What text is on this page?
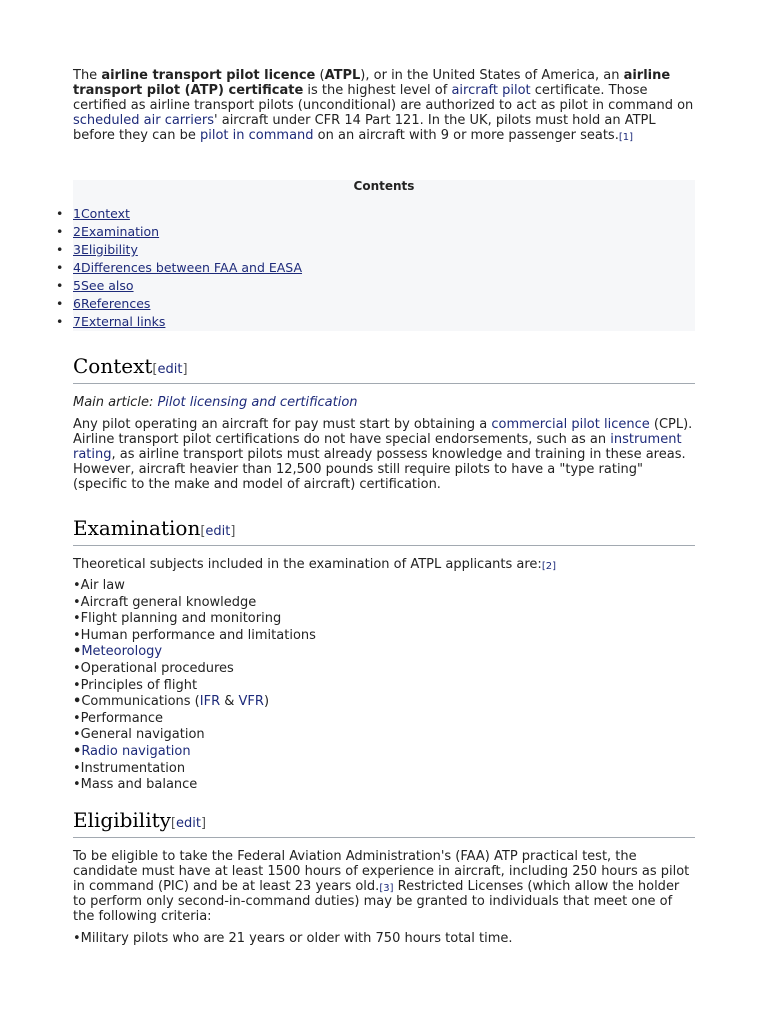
The airline transport pilot licence (ATPL), or in the United States of America, an airline transport pilot (ATP) certificate is the highest level of aircraft pilot certificate. Those certified as airline transport pilots (unconditional) are authorized to act as pilot in command on scheduled air carriers' aircraft under CFR 14 Part 121. In the UK, pilots must hold an ATPL before they can be pilot in command on an aircraft with 9 or more passenger seats.[1]

Contents
• 1Context
• 2Examination
• 3Eligibility
• 4Differences between FAA and EASA
• 5See also
• 6References
• 7External links
Context[edit]
Main article: Pilot licensing and certification

Any pilot operating an aircraft for pay must start by obtaining a commercial pilot licence (CPL). Airline transport pilot certifications do not have special endorsements, such as an instrument rating, as airline transport pilots must already possess knowledge and training in these areas. However, aircraft heavier than 12,500 pounds still require pilots to have a "type rating" (specific to the make and model of aircraft) certification.

Examination[edit]

Theoretical subjects included in the examination of ATPL applicants are:[2]

•Air law
•Aircraft general knowledge
•Flight planning and monitoring
•Human performance and limitations
•Meteorology
•Operational procedures
•Principles of flight
•Communications (IFR & VFR)
•Performance
•General navigation
•Radio navigation
•Instrumentation
•Mass and balance
Eligibility[edit]

To be eligible to take the Federal Aviation Administration's (FAA) ATP practical test, the candidate must have at least 1500 hours of experience in aircraft, including 250 hours as pilot in command (PIC) and be at least 23 years old.[3] Restricted Licenses (which allow the holder to perform only second-in-command duties) may be granted to individuals that meet one of the following criteria:

•Military pilots who are 21 years or older with 750 hours total time.
